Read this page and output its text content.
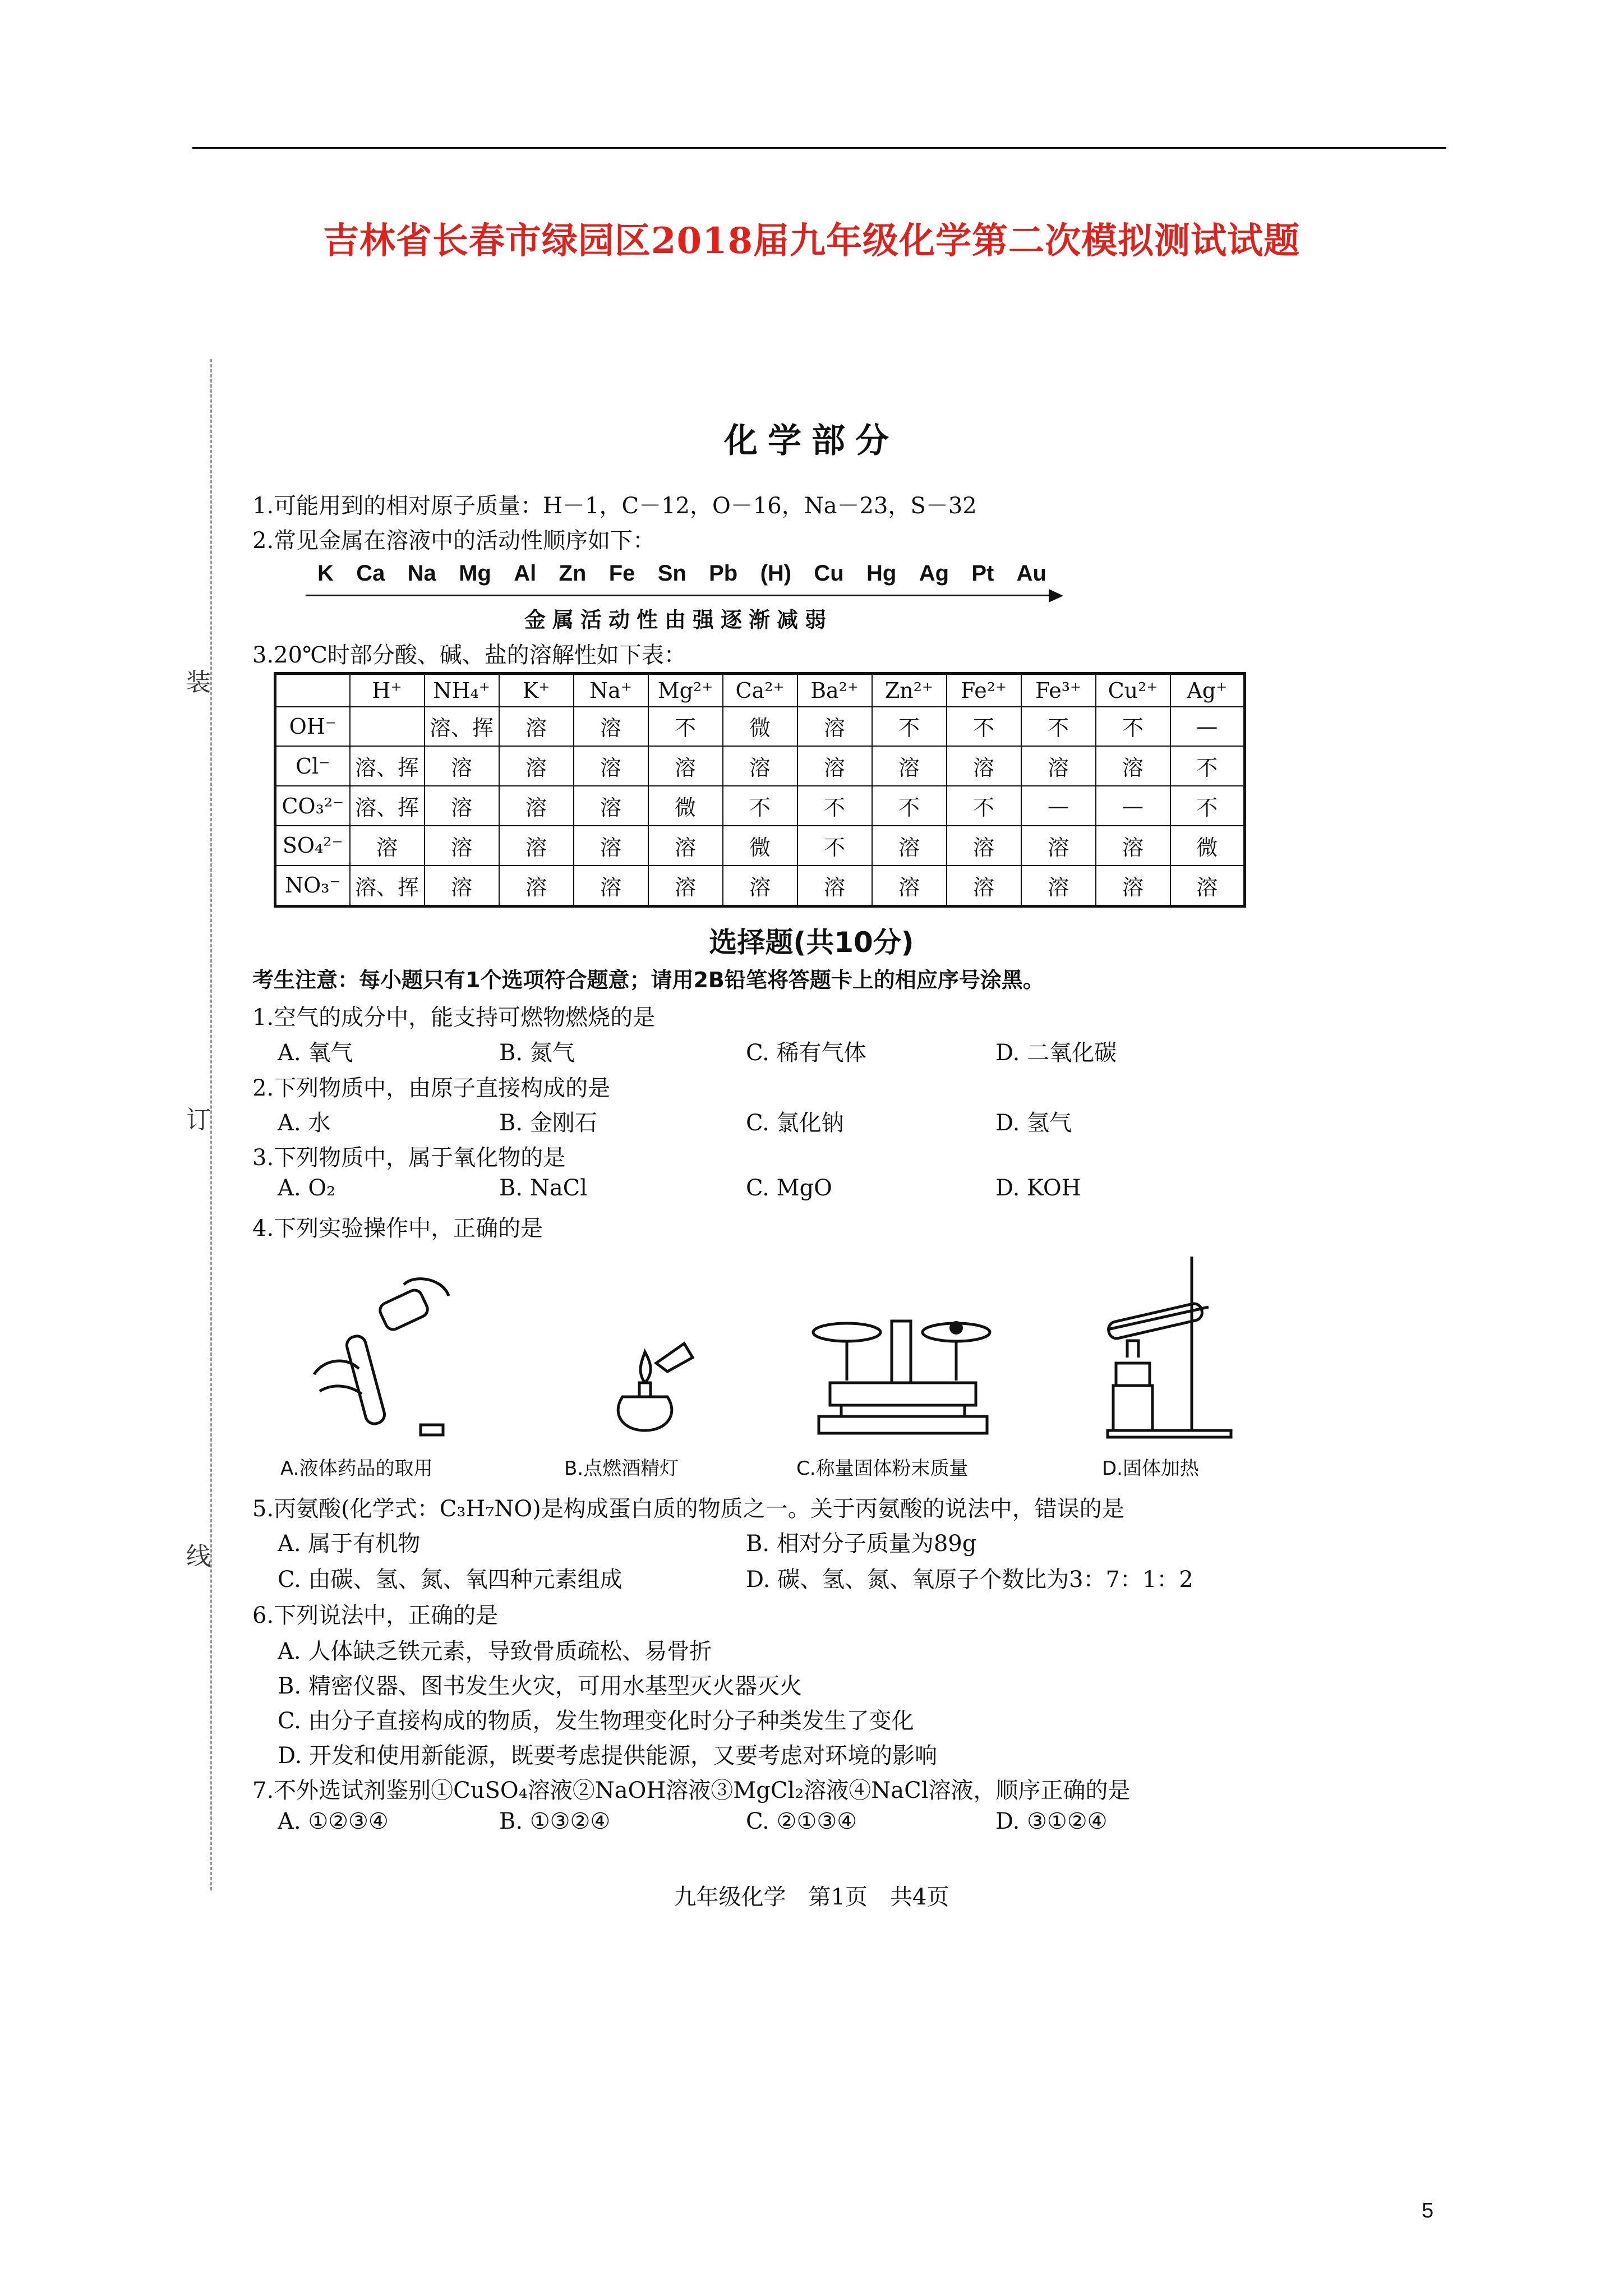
吉林省长春市绿园区2018届九年级化学第二次模拟测试试题
装
订
线
化学部分
1.可能用到的相对原子质量：H－1，C－12，O－16，Na－23，S－32
2.常见金属在溶液中的活动性顺序如下：
K Ca Na Mg Al Zn Fe Sn Pb (H) Cu Hg Ag Pt Au
金属活动性由强逐渐减弱
3.20℃时部分酸、碱、盐的溶解性如下表：
	H⁺	NH₄⁺	K⁺	Na⁺	Mg²⁺	Ca²⁺	Ba²⁺	Zn²⁺	Fe²⁺	Fe³⁺	Cu²⁺	Ag⁺
OH⁻		溶、挥	溶	溶	不	微	溶	不	不	不	不	—
Cl⁻	溶、挥	溶	溶	溶	溶	溶	溶	溶	溶	溶	溶	不
CO₃²⁻	溶、挥	溶	溶	溶	微	不	不	不	不	—	—	不
SO₄²⁻	溶	溶	溶	溶	溶	微	不	溶	溶	溶	溶	微
NO₃⁻	溶、挥	溶	溶	溶	溶	溶	溶	溶	溶	溶	溶	溶
选择题(共10分)
考生注意：每小题只有1个选项符合题意；请用2B铅笔将答题卡上的相应序号涂黑。
1.空气的成分中，能支持可燃物燃烧的是
A. 氧气	B. 氮气	C. 稀有气体	D. 二氧化碳
2.下列物质中，由原子直接构成的是
A. 水	B. 金刚石	C. 氯化钠	D. 氢气
3.下列物质中，属于氧化物的是
A. O₂	B. NaCl	C. MgO	D. KOH
4.下列实验操作中，正确的是
A.液体药品的取用	B.点燃酒精灯	C.称量固体粉末质量	D.固体加热
5.丙氨酸(化学式：C₃H₇NO)是构成蛋白质的物质之一。关于丙氨酸的说法中，错误的是
A. 属于有机物	B. 相对分子质量为89g
C. 由碳、氢、氮、氧四种元素组成	D. 碳、氢、氮、氧原子个数比为3：7：1：2
6.下列说法中，正确的是
A. 人体缺乏铁元素，导致骨质疏松、易骨折
B. 精密仪器、图书发生火灾，可用水基型灭火器灭火
C. 由分子直接构成的物质，发生物理变化时分子种类发生了变化
D. 开发和使用新能源，既要考虑提供能源，又要考虑对环境的影响
7.不外选试剂鉴别①CuSO₄溶液②NaOH溶液③MgCl₂溶液④NaCl溶液，顺序正确的是
A. ①②③④	B. ①③②④	C. ②①③④	D. ③①②④
九年级化学　第1页　共4页
5
